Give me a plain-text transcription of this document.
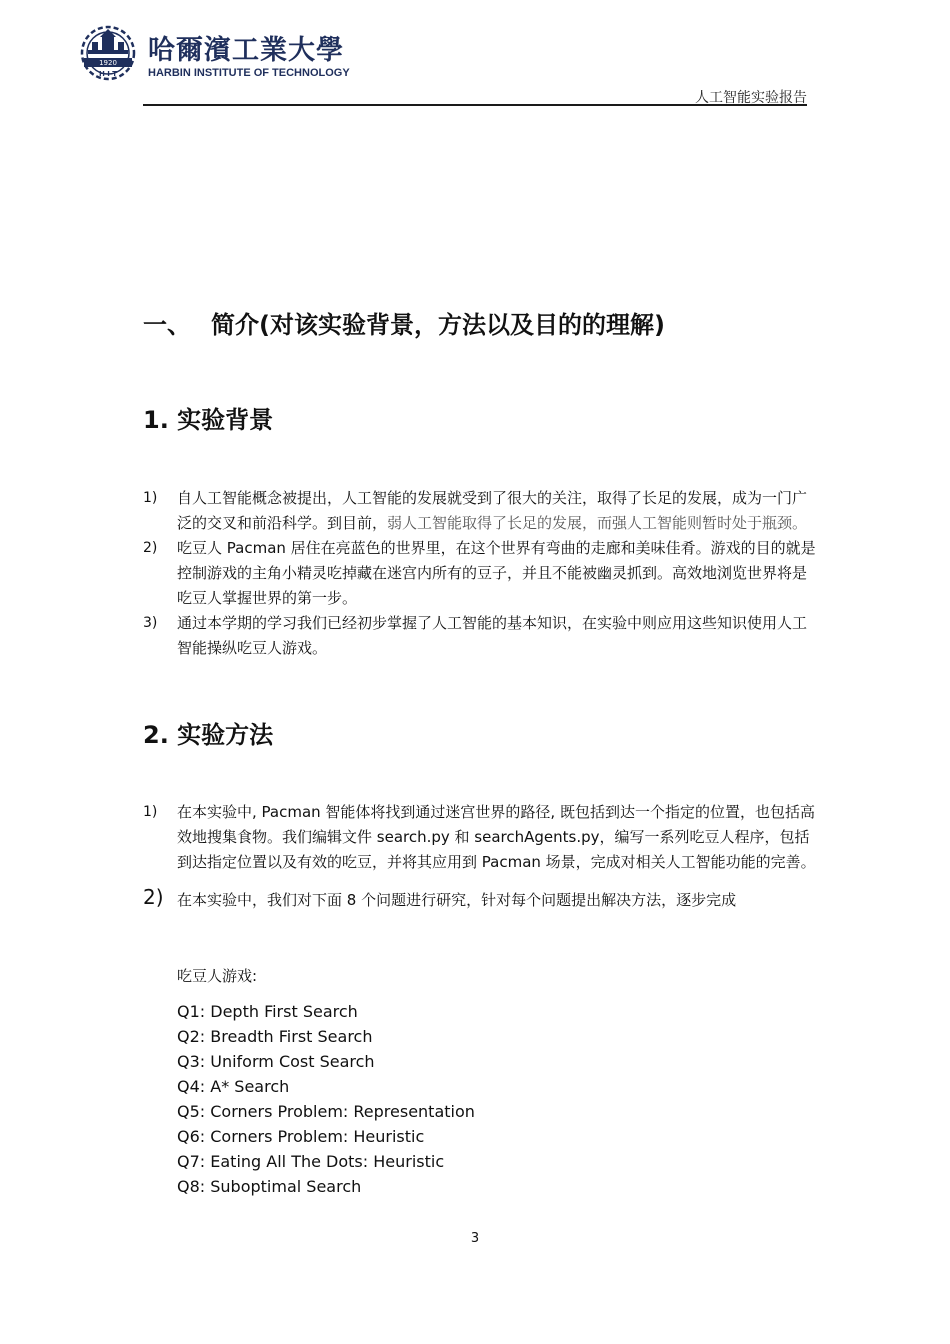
1920
H I T
哈爾濱工業大學
HARBIN INSTITUTE OF TECHNOLOGY
人工智能实验报告
一、 简介(对该实验背景，方法以及目的的理解)
1. 实验背景
1) 自人工智能概念被提出，人工智能的发展就受到了很大的关注，取得了长足的发展，成为一门广泛的交叉和前沿科学。到目前，弱人工智能取得了长足的发展，而强人工智能则暂时处于瓶颈。
2) 吃豆人 Pacman 居住在亮蓝色的世界里，在这个世界有弯曲的走廊和美味佳肴。游戏的目的就是控制游戏的主角小精灵吃掉藏在迷宫内所有的豆子，并且不能被幽灵抓到。高效地浏览世界将是吃豆人掌握世界的第一步。
3) 通过本学期的学习我们已经初步掌握了人工智能的基本知识，在实验中则应用这些知识使用人工智能操纵吃豆人游戏。
2. 实验方法
1) 在本实验中, Pacman 智能体将找到通过迷宫世界的路径, 既包括到达一个指定的位置，也包括高效地搜集食物。我们编辑文件 search.py 和 searchAgents.py，编写一系列吃豆人程序，包括到达指定位置以及有效的吃豆，并将其应用到 Pacman 场景，完成对相关人工智能功能的完善。
2) 在本实验中，我们对下面 8 个问题进行研究，针对每个问题提出解决方法，逐步完成
吃豆人游戏:
Q1: Depth First Search
Q2: Breadth First Search
Q3: Uniform Cost Search
Q4: A* Search
Q5: Corners Problem: Representation
Q6: Corners Problem: Heuristic
Q7: Eating All The Dots: Heuristic
Q8: Suboptimal Search
3
